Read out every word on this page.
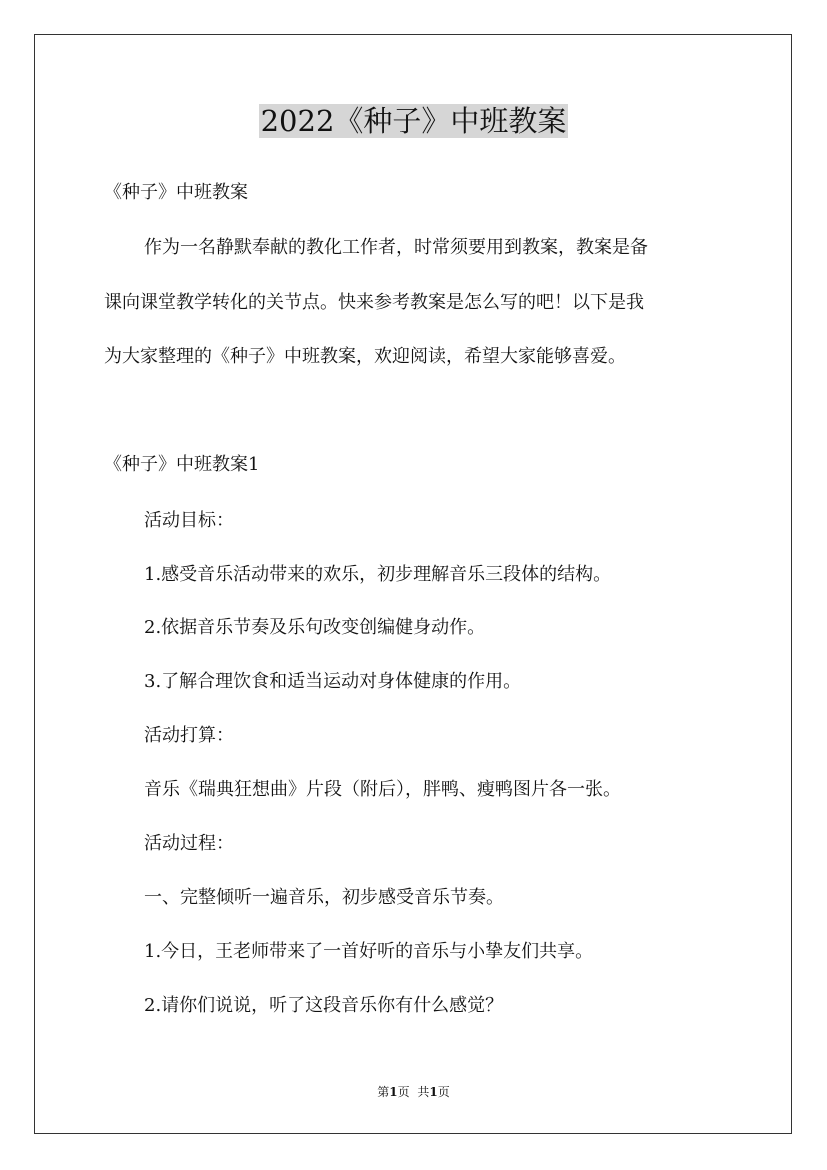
2022《种子》中班教案
《种子》中班教案
作为一名静默奉献的教化工作者，时常须要用到教案，教案是备
课向课堂教学转化的关节点。快来参考教案是怎么写的吧！以下是我
为大家整理的《种子》中班教案，欢迎阅读，希望大家能够喜爱。
《种子》中班教案1
活动目标：
1.感受音乐活动带来的欢乐，初步理解音乐三段体的结构。
2.依据音乐节奏及乐句改变创编健身动作。
3.了解合理饮食和适当运动对身体健康的作用。
活动打算：
音乐《瑞典狂想曲》片段（附后），胖鸭、瘦鸭图片各一张。
活动过程：
一、完整倾听一遍音乐，初步感受音乐节奏。
1.今日，王老师带来了一首好听的音乐与小挚友们共享。
2.请你们说说，听了这段音乐你有什么感觉？
第1页 共1页
